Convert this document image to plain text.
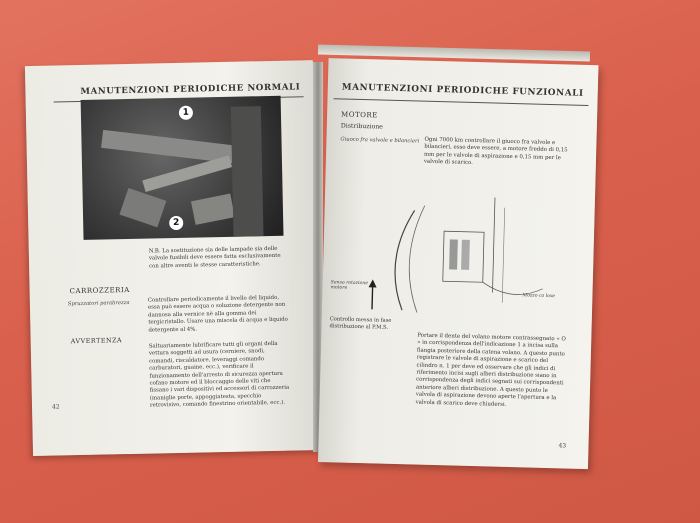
MANUTENZIONI PERIODICHE NORMALI
1
2
N.B. La sostituzione sia delle lampade sia delle valvole fusibili deve essere fatta esclusivamente con altre aventi le stesse caratteristiche.
CARROZZERIA
Spruzzatori parabrezza
Controllare periodicamente il livello del liquido, essa può essere acqua o soluzione detergente non dannosa alla vernice nè alla gomma dei tergicristallo. Usare una miscela di acqua e liquido detergente al 4%.
AVVERTENZA
Saltuariamente lubrificare tutti gli organi della vettura soggetti ad usura (cerniere, snodi, comandi, riscaldatore, leveraggi comando carburatori, guaine, ecc.), verificare il funzionamento dell'arresto di sicurezza apertura cofano motore ed il bloccaggio delle viti che fissano i vari dispositivi ed accessori di carrozzeria (maniglie porte, appoggiatesta, specchio retrovisivo, comando finestrino orientabile, ecc.).
42
MANUTENZIONI PERIODICHE FUNZIONALI
MOTORE
Distribuzione
Giuoco fra valvole e bilancieri Ogni 7000 km controllare il giuoco fra valvole e bilancieri, esso deve essere, a motore freddo di 0,15 mm per le valvole di aspirazione e 0,15 mm per le valvole di scarico.
Senso rotazione motore
Mozzo ca lose
Controllo messa in fase distribuzione al P.M.S.
Portare il dente del volano motore contrassegnato « O » in corrispondenza dell'indicazione 1 a incisa sulla flangia posteriore della catena volano. A questo punto registrare le valvole di aspirazione e scarico del cilindro n. 1 per deve ed osservare che gli indici di riferimento incisi sugli alberi distribuzione siano in corrispondenza degli indici segnati sui corrispondenti anteriore alberi distribuzione. A questo punto le valvola di aspirazione devono aperte l'apertura e la valvola di scarico deve chiudersi.
43
